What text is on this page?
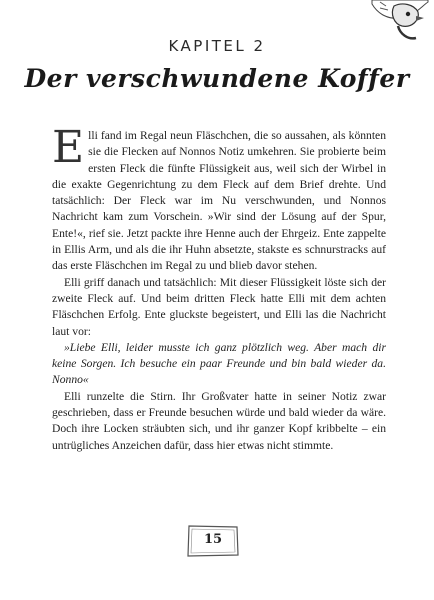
KAPITEL 2
Der verschwundene Koffer

Elli fand im Regal neun Fläschchen, die so aussahen, als könnten sie die Flecken auf Nonnos Notiz umkehren. Sie probierte beim ersten Fleck die fünfte Flüssigkeit aus, weil sich der Wirbel in die exakte Gegenrichtung zu dem Fleck auf dem Brief drehte. Und tatsächlich: Der Fleck war im Nu verschwunden, und Nonnos Nachricht kam zum Vorschein. »Wir sind der Lösung auf der Spur, Ente!«, rief sie. Jetzt packte ihre Henne auch der Ehrgeiz. Ente zappelte in Ellis Arm, und als die ihr Huhn absetzte, stakste es schnurstracks auf das erste Fläschchen im Regal zu und blieb davor stehen.

Elli griff danach und tatsächlich: Mit dieser Flüssigkeit löste sich der zweite Fleck auf. Und beim dritten Fleck hatte Elli mit dem achten Fläschchen Erfolg. Ente gluckste begeistert, und Elli las die Nachricht laut vor:

»Liebe Elli, leider musste ich ganz plötzlich weg. Aber mach dir keine Sorgen. Ich besuche ein paar Freunde und bin bald wieder da. Nonno«

Elli runzelte die Stirn. Ihr Großvater hatte in seiner Notiz zwar geschrieben, dass er Freunde besuchen würde und bald wieder da wäre. Doch ihre Locken sträubten sich, und ihr ganzer Kopf kribbelte – ein untrügliches Anzeichen dafür, dass hier etwas nicht stimmte.

15
